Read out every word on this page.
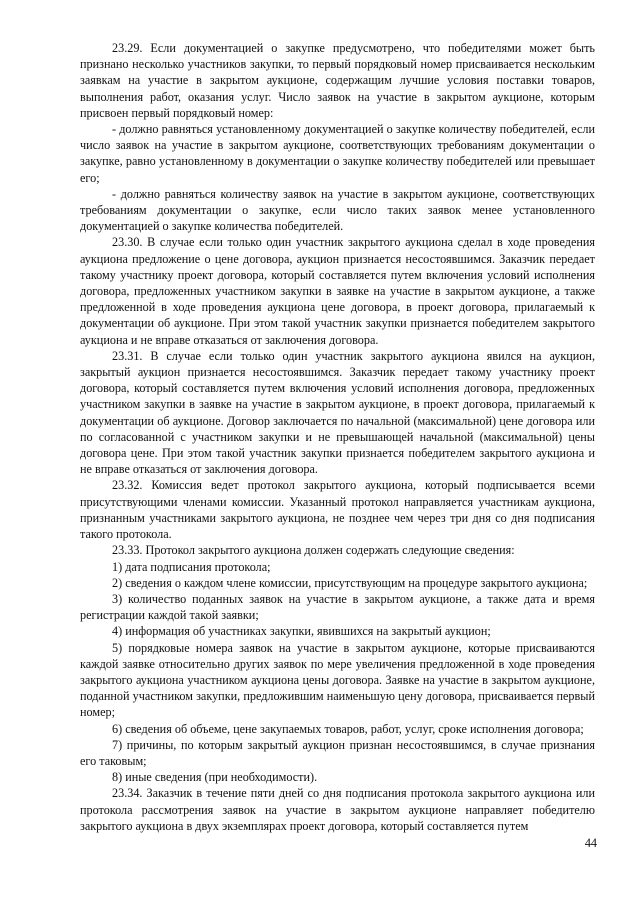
23.29. Если документацией о закупке предусмотрено, что победителями может быть признано несколько участников закупки, то первый порядковый номер присваивается нескольким заявкам на участие в закрытом аукционе, содержащим лучшие условия поставки товаров, выполнения работ, оказания услуг. Число заявок на участие в закрытом аукционе, которым присвоен первый порядковый номер:

- должно равняться установленному документацией о закупке количеству победителей, если число заявок на участие в закрытом аукционе, соответствующих требованиям документации о закупке, равно установленному в документации о закупке количеству победителей или превышает его;

- должно равняться количеству заявок на участие в закрытом аукционе, соответствующих требованиям документации о закупке, если число таких заявок менее установленного документацией о закупке количества победителей.

23.30. В случае если только один участник закрытого аукциона сделал в ходе проведения аукциона предложение о цене договора, аукцион признается несостоявшимся. Заказчик передает такому участнику проект договора, который составляется путем включения условий исполнения договора, предложенных участником закупки в заявке на участие в закрытом аукционе, а также предложенной в ходе проведения аукциона цене договора, в проект договора, прилагаемый к документации об аукционе. При этом такой участник закупки признается победителем закрытого аукциона и не вправе отказаться от заключения договора.

23.31. В случае если только один участник закрытого аукциона явился на аукцион, закрытый аукцион признается несостоявшимся. Заказчик передает такому участнику проект договора, который составляется путем включения условий исполнения договора, предложенных участником закупки в заявке на участие в закрытом аукционе, в проект договора, прилагаемый к документации об аукционе. Договор заключается по начальной (максимальной) цене договора или по согласованной с участником закупки и не превышающей начальной (максимальной) цены договора цене. При этом такой участник закупки признается победителем закрытого аукциона и не вправе отказаться от заключения договора.

23.32. Комиссия ведет протокол закрытого аукциона, который подписывается всеми присутствующими членами комиссии. Указанный протокол направляется участникам аукциона, признанным участниками закрытого аукциона, не позднее чем через три дня со дня подписания такого протокола.

23.33. Протокол закрытого аукциона должен содержать следующие сведения:

1) дата подписания протокола;

2) сведения о каждом члене комиссии, присутствующим на процедуре закрытого аукциона;

3) количество поданных заявок на участие в закрытом аукционе, а также дата и время регистрации каждой такой заявки;

4) информация об участниках закупки, явившихся на закрытый аукцион;

5) порядковые номера заявок на участие в закрытом аукционе, которые присваиваются каждой заявке относительно других заявок по мере увеличения предложенной в ходе проведения закрытого аукциона участником аукциона цены договора. Заявке на участие в закрытом аукционе, поданной участником закупки, предложившим наименьшую цену договора, присваивается первый номер;

6) сведения об объеме, цене закупаемых товаров, работ, услуг, сроке исполнения договора;

7) причины, по которым закрытый аукцион признан несостоявшимся, в случае признания его таковым;

8) иные сведения (при необходимости).

23.34. Заказчик в течение пяти дней со дня подписания протокола закрытого аукциона или протокола рассмотрения заявок на участие в закрытом аукционе направляет победителю закрытого аукциона в двух экземплярах проект договора, который составляется путем

44
